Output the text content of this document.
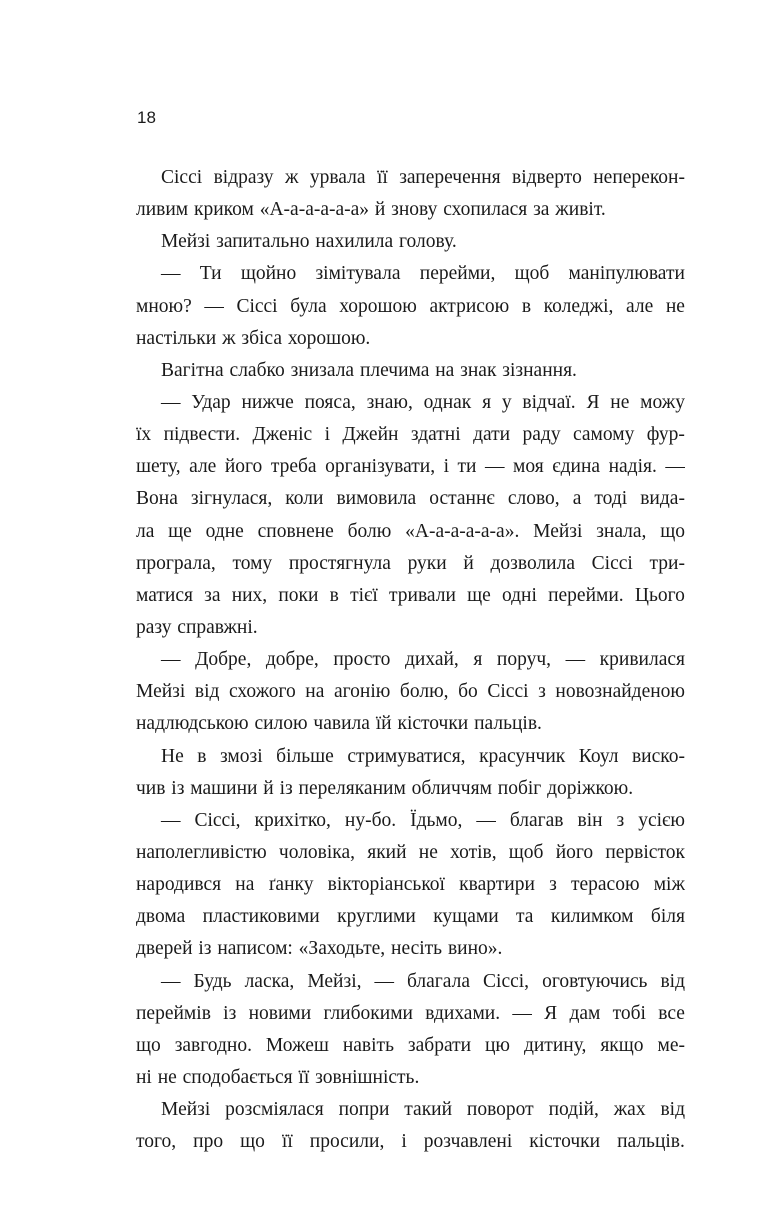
18
Сіссі відразу ж урвала її заперечення відверто неперекон-
ливим криком «А-а-а-а-а-а» й знову схопилася за живіт.
Мейзі запитально нахилила голову.
— Ти щойно зімітувала перейми, щоб маніпулювати
мною? — Сіссі була хорошою актрисою в коледжі, але не
настільки ж збіса хорошою.
Вагітна слабко знизала плечима на знак зізнання.
— Удар нижче пояса, знаю, однак я у відчаї. Я не можу
їх підвести. Дженіс і Джейн здатні дати раду самому фур-
шету, але його треба організувати, і ти — моя єдина надія. —
Вона зігнулася, коли вимовила останнє слово, а тоді вида-
ла ще одне сповнене болю «А-а-а-а-а-а». Мейзі знала, що
програла, тому простягнула руки й дозволила Сіссі три-
матися за них, поки в тієї тривали ще одні перейми. Цього
разу справжні.
— Добре, добре, просто дихай, я поруч, — кривилася
Мейзі від схожого на агонію болю, бо Сіссі з новознайденою
надлюдською силою чавила їй кісточки пальців.
Не в змозі більше стримуватися, красунчик Коул виско-
чив із машини й із переляканим обличчям побіг доріжкою.
— Сіссі, крихітко, ну-бо. Їдьмо, — благав він з усією
наполегливістю чоловіка, який не хотів, щоб його первісток
народився на ґанку вікторіанської квартири з терасою між
двома пластиковими круглими кущами та килимком біля
дверей із написом: «Заходьте, несіть вино».
— Будь ласка, Мейзі, — благала Сіссі, оговтуючись від
переймів із новими глибокими вдихами. — Я дам тобі все
що завгодно. Можеш навіть забрати цю дитину, якщо ме-
ні не сподобається її зовнішність.
Мейзі розсміялася попри такий поворот подій, жах від
того, про що її просили, і розчавлені кісточки пальців.
